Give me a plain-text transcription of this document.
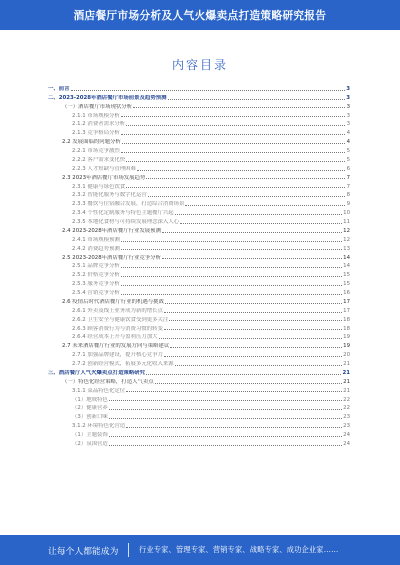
酒店餐厅市场分析及人气火爆卖点打造策略研究报告
内容目录
一、前言	3
二、2023-2028年酒店餐厅市场前景及趋势预测	3
（一）酒店餐厅市场现状分析	3
2.1.1 市场规模分析	3
2.1.2 消费者需求分析	3
2.1.3 竞争格局分析	4
2.2 发展面临的问题分析	4
2.2.1 市场竞争激烈	5
2.2.2 客户需求变化快	5
2.2.3 人才短缺与管理困难	6
2.3 2023年酒店餐厅市场发展趋势	7
2.3.1 健康与绿色饮食	7
2.3.2 智能化服务与数字化运营	8
2.3.3 餐饮与住宿融合发展，打造综合消费场景	9
2.3.4 个性化定制服务与特色主题餐厅兴起	10
2.3.5 本地化食材与可持续发展理念深入人心	11
2.4 2023-2028年酒店餐厅行业发展预测	12
2.4.1 市场规模预测	12
2.4.2 消费趋势预测	13
2.5 2023-2028年酒店餐厅行业竞争分析	14
2.5.1 品牌竞争分析	14
2.5.2 价格竞争分析	15
2.5.3 服务竞争分析	15
2.5.4 营销竞争分析	16
2.6 疫情后时代酒店餐厅行业的机遇与挑战	17
2.6.1 外卖及线上业务成为新的增长点	17
2.6.2 卫生安全与健康饮食受到更多关注	18
2.6.3 顾客消费行为与消费习惯的转变	18
2.6.4 经营成本上升与盈利压力加大	19
2.7 未来酒店餐厅行业的发展方向与策略建议	19
2.7.1 加强品牌建设，提升核心竞争力	20
2.7.2 创新经营模式，拓展多元化收入来源	21
三、酒店餐厅人气火爆卖点打造策略研究	21
（一）特色化经营策略，打造人气卖点	21
3.1.1 菜品特色化定位	21
（1）地域特色	22
（2）健康营养	22
（3）创新口味	23
3.1.2 环境特色化营造	23
（1）主题装饰	24
（2）氛围营造	24
让每个人都能成为	行业专家、管理专家、营销专家、战略专家、成功企业家……
